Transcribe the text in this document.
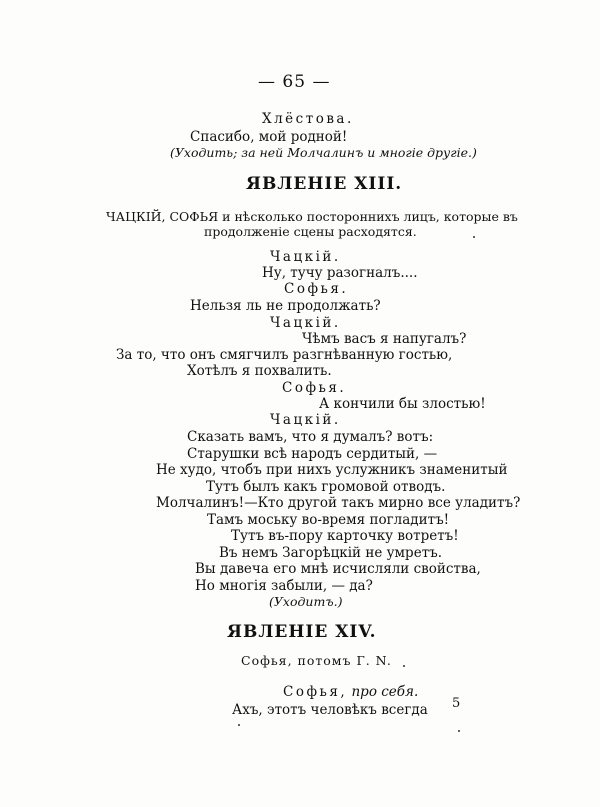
— 65 —
Хлёстова.
Спасибо, мой родной!
(Уходить; за ней Молчалинъ и многіе другіе.)
ЯВЛЕНІЕ XIII.
ЧАЦКІЙ, СОФЬЯ и нѣсколько постороннихъ лицъ, которые въ
продолженіе сцены расходятся.
Чацкій.
Ну, тучу разогналъ....
Софья.
Нельзя ль не продолжать?
Чацкій.
Чѣмъ васъ я напугалъ?
За то, что онъ смягчилъ разгнѣванную гостью,
Хотѣлъ я похвалить.
Софья.
А кончили бы злостью!
Чацкій.
Сказать вамъ, что я думалъ? вотъ:
Старушки всѣ народъ сердитый, —
Не худо, чтобъ при нихъ услужникъ знаменитый
Тутъ былъ какъ громовой отводъ.
Молчалинъ!—Кто другой такъ мирно все уладитъ?
Тамъ моську во-время погладитъ!
Тутъ въ-пору карточку вотретъ!
Въ немъ Загорѣцкій не умретъ.
Вы давеча его мнѣ исчисляли свойства,
Но многія забыли, — да?
(Уходитъ.)
ЯВЛЕНІЕ XIV.
Софья, потомъ Г. N.
Софья, про себя.
Ахъ, этотъ человѣкъ всегда 5
